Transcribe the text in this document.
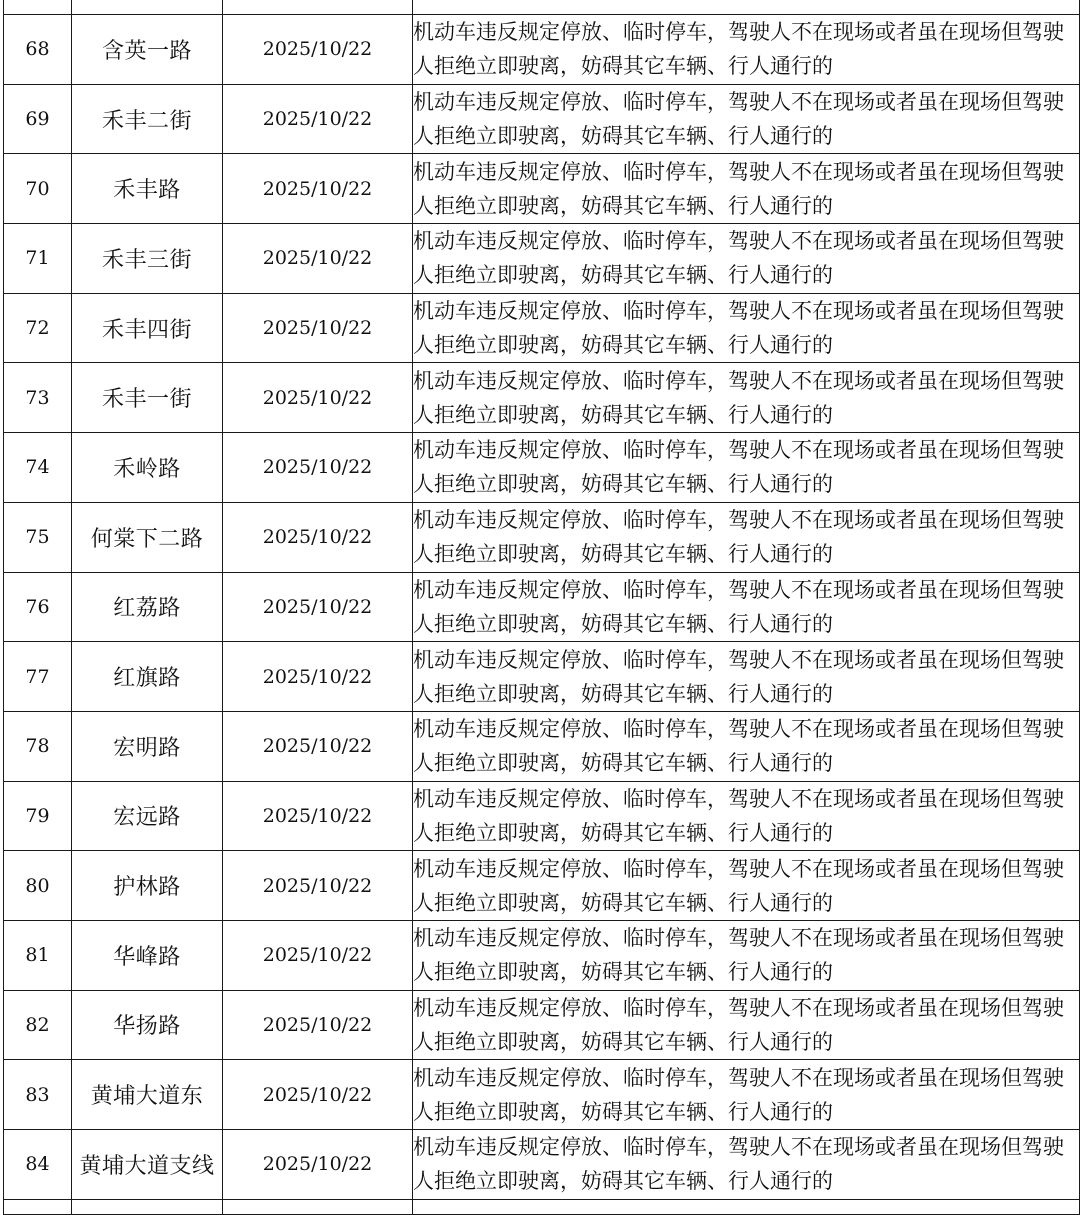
68	含英一路	2025/10/22	机动车违反规定停放、临时停车，驾驶人不在现场或者虽在现场但驾驶人拒绝立即驶离，妨碍其它车辆、行人通行的
69	禾丰二街	2025/10/22	机动车违反规定停放、临时停车，驾驶人不在现场或者虽在现场但驾驶人拒绝立即驶离，妨碍其它车辆、行人通行的
70	禾丰路	2025/10/22	机动车违反规定停放、临时停车，驾驶人不在现场或者虽在现场但驾驶人拒绝立即驶离，妨碍其它车辆、行人通行的
71	禾丰三街	2025/10/22	机动车违反规定停放、临时停车，驾驶人不在现场或者虽在现场但驾驶人拒绝立即驶离，妨碍其它车辆、行人通行的
72	禾丰四街	2025/10/22	机动车违反规定停放、临时停车，驾驶人不在现场或者虽在现场但驾驶人拒绝立即驶离，妨碍其它车辆、行人通行的
73	禾丰一街	2025/10/22	机动车违反规定停放、临时停车，驾驶人不在现场或者虽在现场但驾驶人拒绝立即驶离，妨碍其它车辆、行人通行的
74	禾岭路	2025/10/22	机动车违反规定停放、临时停车，驾驶人不在现场或者虽在现场但驾驶人拒绝立即驶离，妨碍其它车辆、行人通行的
75	何棠下二路	2025/10/22	机动车违反规定停放、临时停车，驾驶人不在现场或者虽在现场但驾驶人拒绝立即驶离，妨碍其它车辆、行人通行的
76	红荔路	2025/10/22	机动车违反规定停放、临时停车，驾驶人不在现场或者虽在现场但驾驶人拒绝立即驶离，妨碍其它车辆、行人通行的
77	红旗路	2025/10/22	机动车违反规定停放、临时停车，驾驶人不在现场或者虽在现场但驾驶人拒绝立即驶离，妨碍其它车辆、行人通行的
78	宏明路	2025/10/22	机动车违反规定停放、临时停车，驾驶人不在现场或者虽在现场但驾驶人拒绝立即驶离，妨碍其它车辆、行人通行的
79	宏远路	2025/10/22	机动车违反规定停放、临时停车，驾驶人不在现场或者虽在现场但驾驶人拒绝立即驶离，妨碍其它车辆、行人通行的
80	护林路	2025/10/22	机动车违反规定停放、临时停车，驾驶人不在现场或者虽在现场但驾驶人拒绝立即驶离，妨碍其它车辆、行人通行的
81	华峰路	2025/10/22	机动车违反规定停放、临时停车，驾驶人不在现场或者虽在现场但驾驶人拒绝立即驶离，妨碍其它车辆、行人通行的
82	华扬路	2025/10/22	机动车违反规定停放、临时停车，驾驶人不在现场或者虽在现场但驾驶人拒绝立即驶离，妨碍其它车辆、行人通行的
83	黄埔大道东	2025/10/22	机动车违反规定停放、临时停车，驾驶人不在现场或者虽在现场但驾驶人拒绝立即驶离，妨碍其它车辆、行人通行的
84	黄埔大道支线	2025/10/22	机动车违反规定停放、临时停车，驾驶人不在现场或者虽在现场但驾驶人拒绝立即驶离，妨碍其它车辆、行人通行的
